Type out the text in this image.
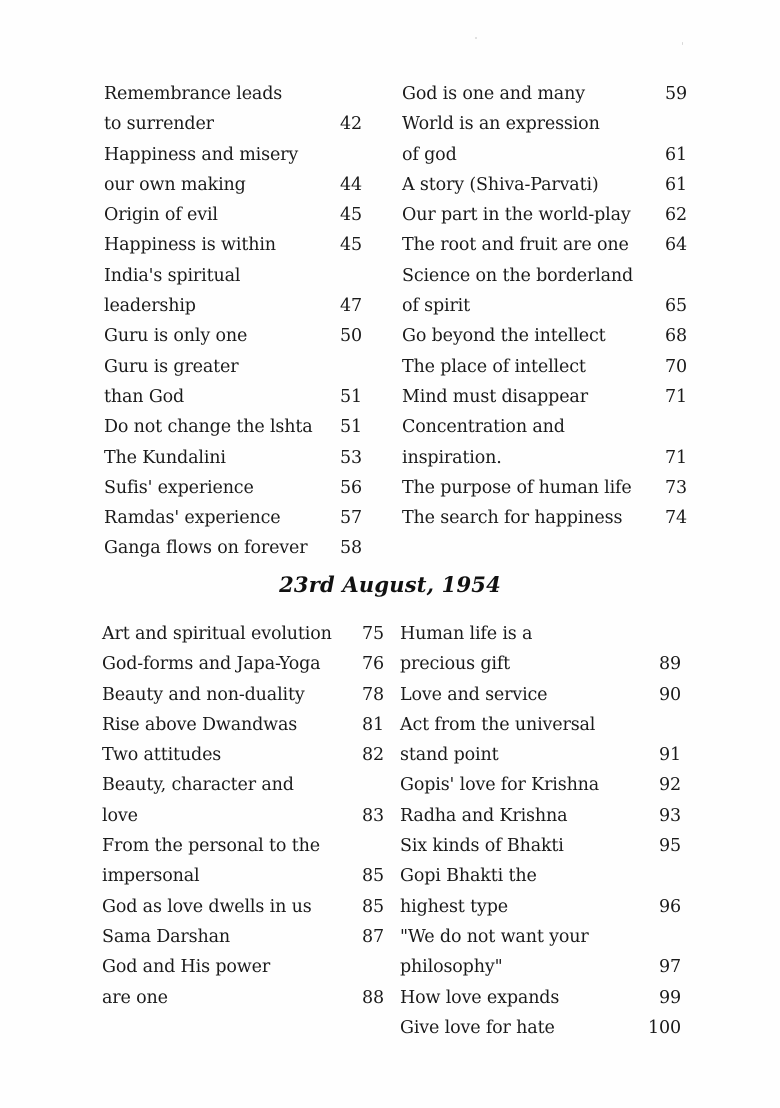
Remembrance leads
to surrender	42
Happiness and misery
our own making	44
Origin of evil	45
Happiness is within	45
India's spiritual
leadership	47
Guru is only one	50
Guru is greater
than God	51
Do not change the lshta 51
The Kundalini	53
Sufis' experience	56
Ramdas' experience	57
Ganga flows on forever 58
God is one and many	59
World is an expression
of god	61
A story (Shiva-Parvati)	61
Our part in the world-play 62
The root and fruit are one 64
Science on the borderland
of spirit	65
Go beyond the intellect	68
The place of intellect	70
Mind must disappear	71
Concentration and
inspiration.	71
The purpose of human life 73
The search for happiness 74
23rd August, 1954
Art and spiritual evolution 75
God-forms and Japa-Yoga 76
Beauty and non-duality	78
Rise above Dwandwas	81
Two attitudes	82
Beauty, character and
love	83
From the personal to the
impersonal	85
God as love dwells in us	85
Sama Darshan	87
God and His power
are one	88
Human life is a
precious gift	89
Love and service	90
Act from the universal
stand point	91
Gopis' love for Krishna	92
Radha and Krishna	93
Six kinds of Bhakti	95
Gopi Bhakti the
highest type	96
"We do not want your
philosophy"	97
How love expands	99
Give love for hate	100
